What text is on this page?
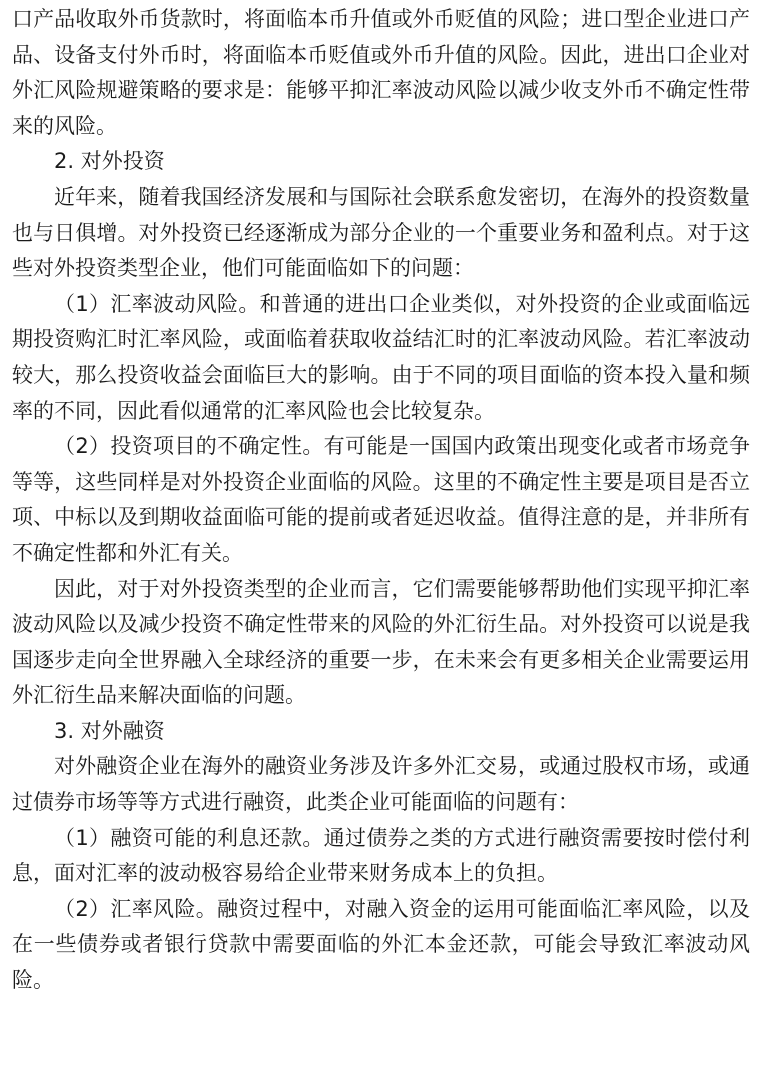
口产品收取外币货款时，将面临本币升值或外币贬值的风险；进口型企业进口产品、设备支付外币时，将面临本币贬值或外币升值的风险。因此，进出口企业对外汇风险规避策略的要求是：能够平抑汇率波动风险以减少收支外币不确定性带来的风险。

2. 对外投资

近年来，随着我国经济发展和与国际社会联系愈发密切，在海外的投资数量也与日俱增。对外投资已经逐渐成为部分企业的一个重要业务和盈利点。对于这些对外投资类型企业，他们可能面临如下的问题：

（1）汇率波动风险。和普通的进出口企业类似，对外投资的企业或面临远期投资购汇时汇率风险，或面临着获取收益结汇时的汇率波动风险。若汇率波动较大，那么投资收益会面临巨大的影响。由于不同的项目面临的资本投入量和频率的不同，因此看似通常的汇率风险也会比较复杂。

（2）投资项目的不确定性。有可能是一国国内政策出现变化或者市场竞争等等，这些同样是对外投资企业面临的风险。这里的不确定性主要是项目是否立项、中标以及到期收益面临可能的提前或者延迟收益。值得注意的是，并非所有不确定性都和外汇有关。

因此，对于对外投资类型的企业而言，它们需要能够帮助他们实现平抑汇率波动风险以及减少投资不确定性带来的风险的外汇衍生品。对外投资可以说是我国逐步走向全世界融入全球经济的重要一步，在未来会有更多相关企业需要运用外汇衍生品来解决面临的问题。

3. 对外融资

对外融资企业在海外的融资业务涉及许多外汇交易，或通过股权市场，或通过债券市场等等方式进行融资，此类企业可能面临的问题有：

（1）融资可能的利息还款。通过债券之类的方式进行融资需要按时偿付利息，面对汇率的波动极容易给企业带来财务成本上的负担。

（2）汇率风险。融资过程中，对融入资金的运用可能面临汇率风险，以及在一些债券或者银行贷款中需要面临的外汇本金还款，可能会导致汇率波动风险。
